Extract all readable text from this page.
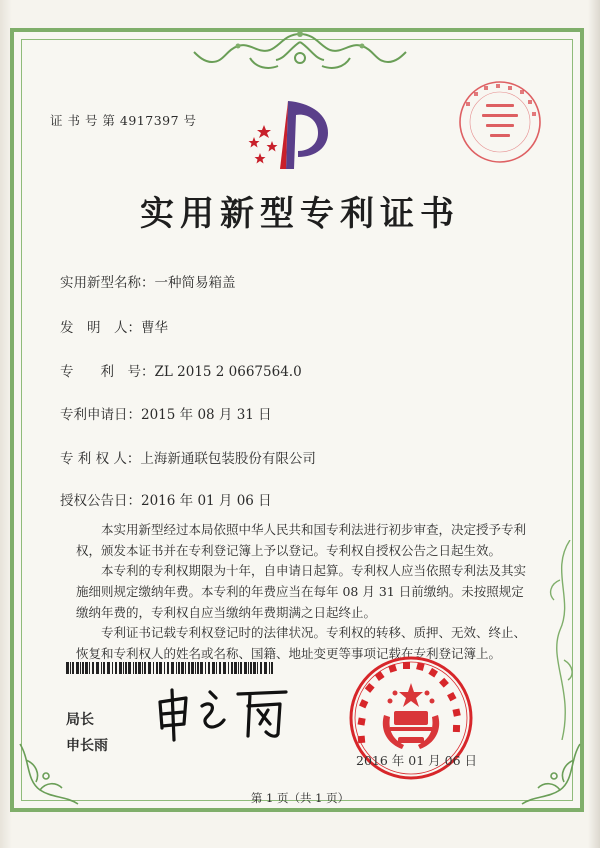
证 书 号 第 4917397 号
实用新型专利证书
实用新型名称：一种简易箱盖
发　明　人：曹华
专　　利　号：ZL 2015 2 0667564.0
专利申请日：2015 年 08 月 31 日
专 利 权 人：上海新通联包装股份有限公司
授权公告日：2016 年 01 月 06 日

本实用新型经过本局依照中华人民共和国专利法进行初步审查，决定授予专利权，颁发本证书并在专利登记簿上予以登记。专利权自授权公告之日起生效。

本专利的专利权期限为十年，自申请日起算。专利权人应当依照专利法及其实施细则规定缴纳年费。本专利的年费应当在每年 08 月 31 日前缴纳。未按照规定缴纳年费的，专利权自应当缴纳年费期满之日起终止。

专利证书记载专利权登记时的法律状况。专利权的转移、质押、无效、终止、恢复和专利权人的姓名或名称、国籍、地址变更等事项记载在专利登记簿上。

局长
申长雨
2016 年 01 月 06 日
第 1 页（共 1 页）
